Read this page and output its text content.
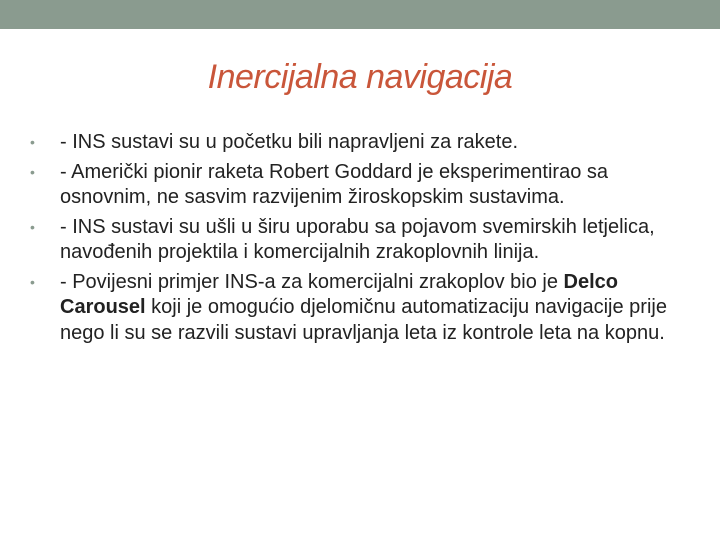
Inercijalna navigacija
• - INS sustavi su u početku bili napravljeni za rakete.
• - Američki pionir raketa Robert Goddard je eksperimentirao sa osnovnim, ne sasvim razvijenim žiroskopskim sustavima.
• - INS sustavi su ušli u širu uporabu sa pojavom svemirskih letjelica, navođenih projektila i komercijalnih zrakoplovnih linija.
• - Povijesni primjer INS-a za komercijalni zrakoplov bio je Delco Carousel koji je omogućio djelomičnu automatizaciju navigacije prije nego li su se razvili sustavi upravljanja leta iz kontrole leta na kopnu.
